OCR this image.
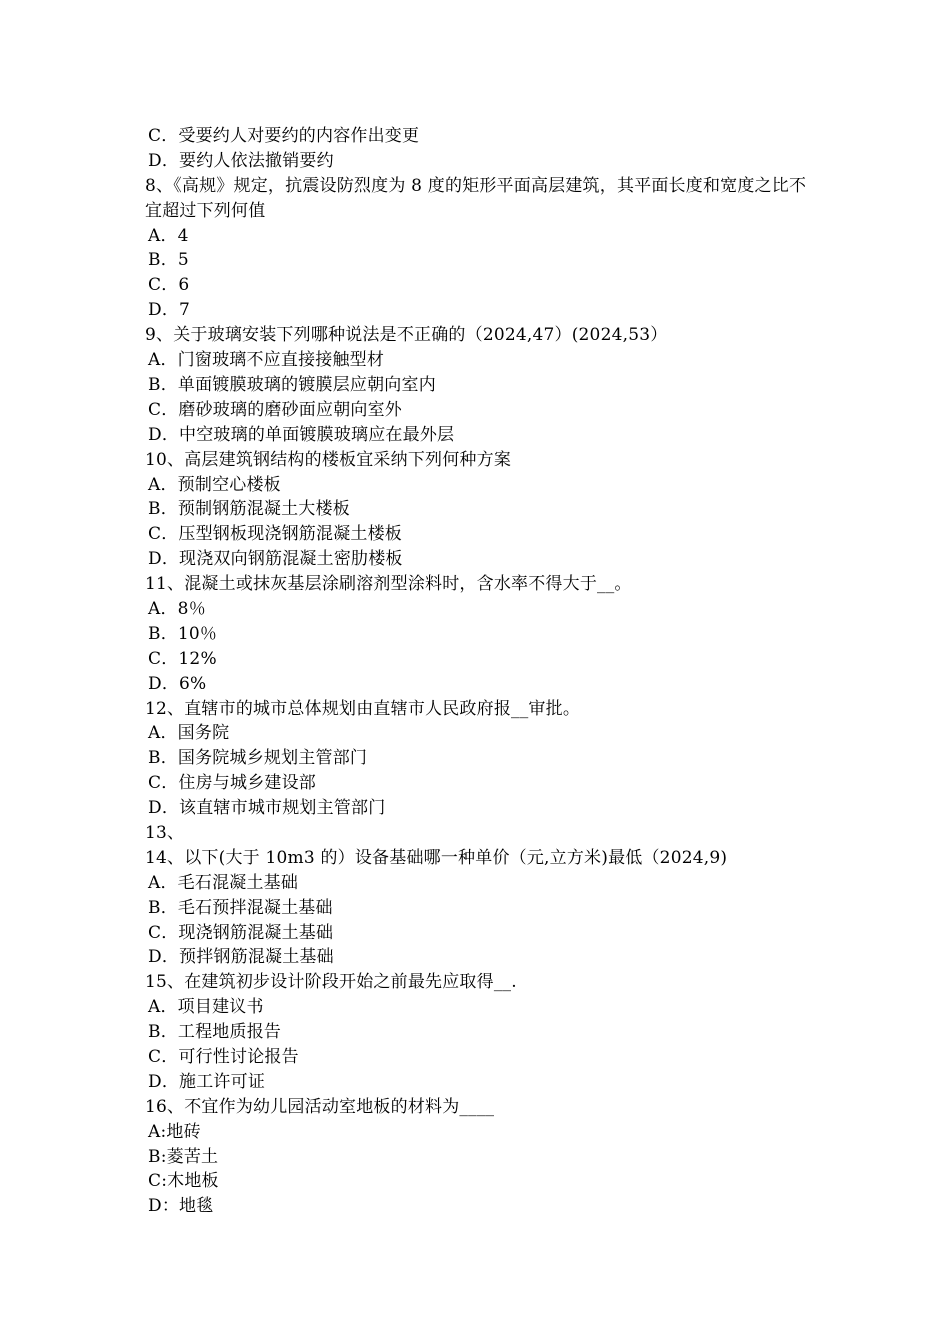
C．受要约人对要约的内容作出变更
D．要约人依法撤销要约
8、《高规》规定，抗震设防烈度为 8 度的矩形平面高层建筑，其平面长度和宽度之比不宜超过下列何值
A．4
B．5
C．6
D．7
9、关于玻璃安装下列哪种说法是不正确的（2024,47）(2024,53）
A．门窗玻璃不应直接接触型材
B．单面镀膜玻璃的镀膜层应朝向室内
C．磨砂玻璃的磨砂面应朝向室外
D．中空玻璃的单面镀膜玻璃应在最外层
10、高层建筑钢结构的楼板宜采纳下列何种方案
A．预制空心楼板
B．预制钢筋混凝土大楼板
C．压型钢板现浇钢筋混凝土楼板
D．现浇双向钢筋混凝土密肋楼板
11、混凝土或抹灰基层涂刷溶剂型涂料时，含水率不得大于__。
A．8％
B．10％
C．12%
D．6%
12、直辖市的城市总体规划由直辖市人民政府报__审批。
A．国务院
B．国务院城乡规划主管部门
C．住房与城乡建设部
D．该直辖市城市规划主管部门
13、
14、以下(大于 10m3 的）设备基础哪一种单价（元,立方米)最低（2024,9)
A．毛石混凝土基础
B．毛石预拌混凝土基础
C．现浇钢筋混凝土基础
D．预拌钢筋混凝土基础
15、在建筑初步设计阶段开始之前最先应取得__.
A．项目建议书
B．工程地质报告
C．可行性讨论报告
D．施工许可证
16、不宜作为幼儿园活动室地板的材料为____
A:地砖
B:菱苦土
C:木地板
D：地毯
